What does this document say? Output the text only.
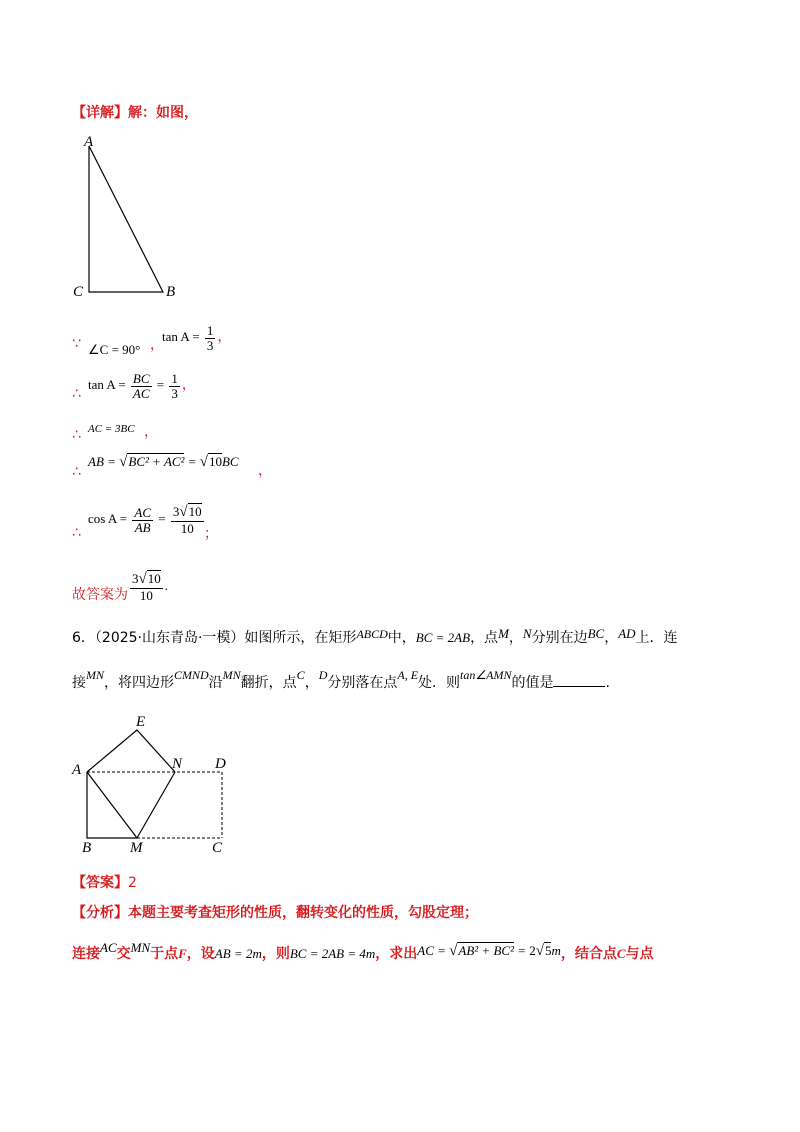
【详解】解：如图，
A
C	B
∵ ∠C = 90° ，
$\tan A = \frac{1}{3}$ ，
∴
$\tan A = \frac{BC}{AC} = \frac{1}{3}$ ，
∴ AC = 3BC ，
∴
AB = √BC² + AC² = √10BC
，
∴
$\cos A = \frac{AC}{AB} = \frac{3√10}{10}$ ；
故答案为 $\frac{3√10}{10}$ .
6．（2025·山东青岛·一模）如图所示，在矩形ABCD中，BC = 2AB，点M，N分别在边BC，AD上．连
接MN，将四边形CMND沿MN翻折，点C，D分别落在点A, E处．则tan∠AMN的值是	.
E
A	N D
B	M	C
【答案】2
【分析】本题主要考查矩形的性质，翻转变化的性质，勾股定理；
连接AC交MN于点F，设AB = 2m，则BC = 2AB = 4m，求出AC = √AB² + BC² = 2√5m，结合点C与点
